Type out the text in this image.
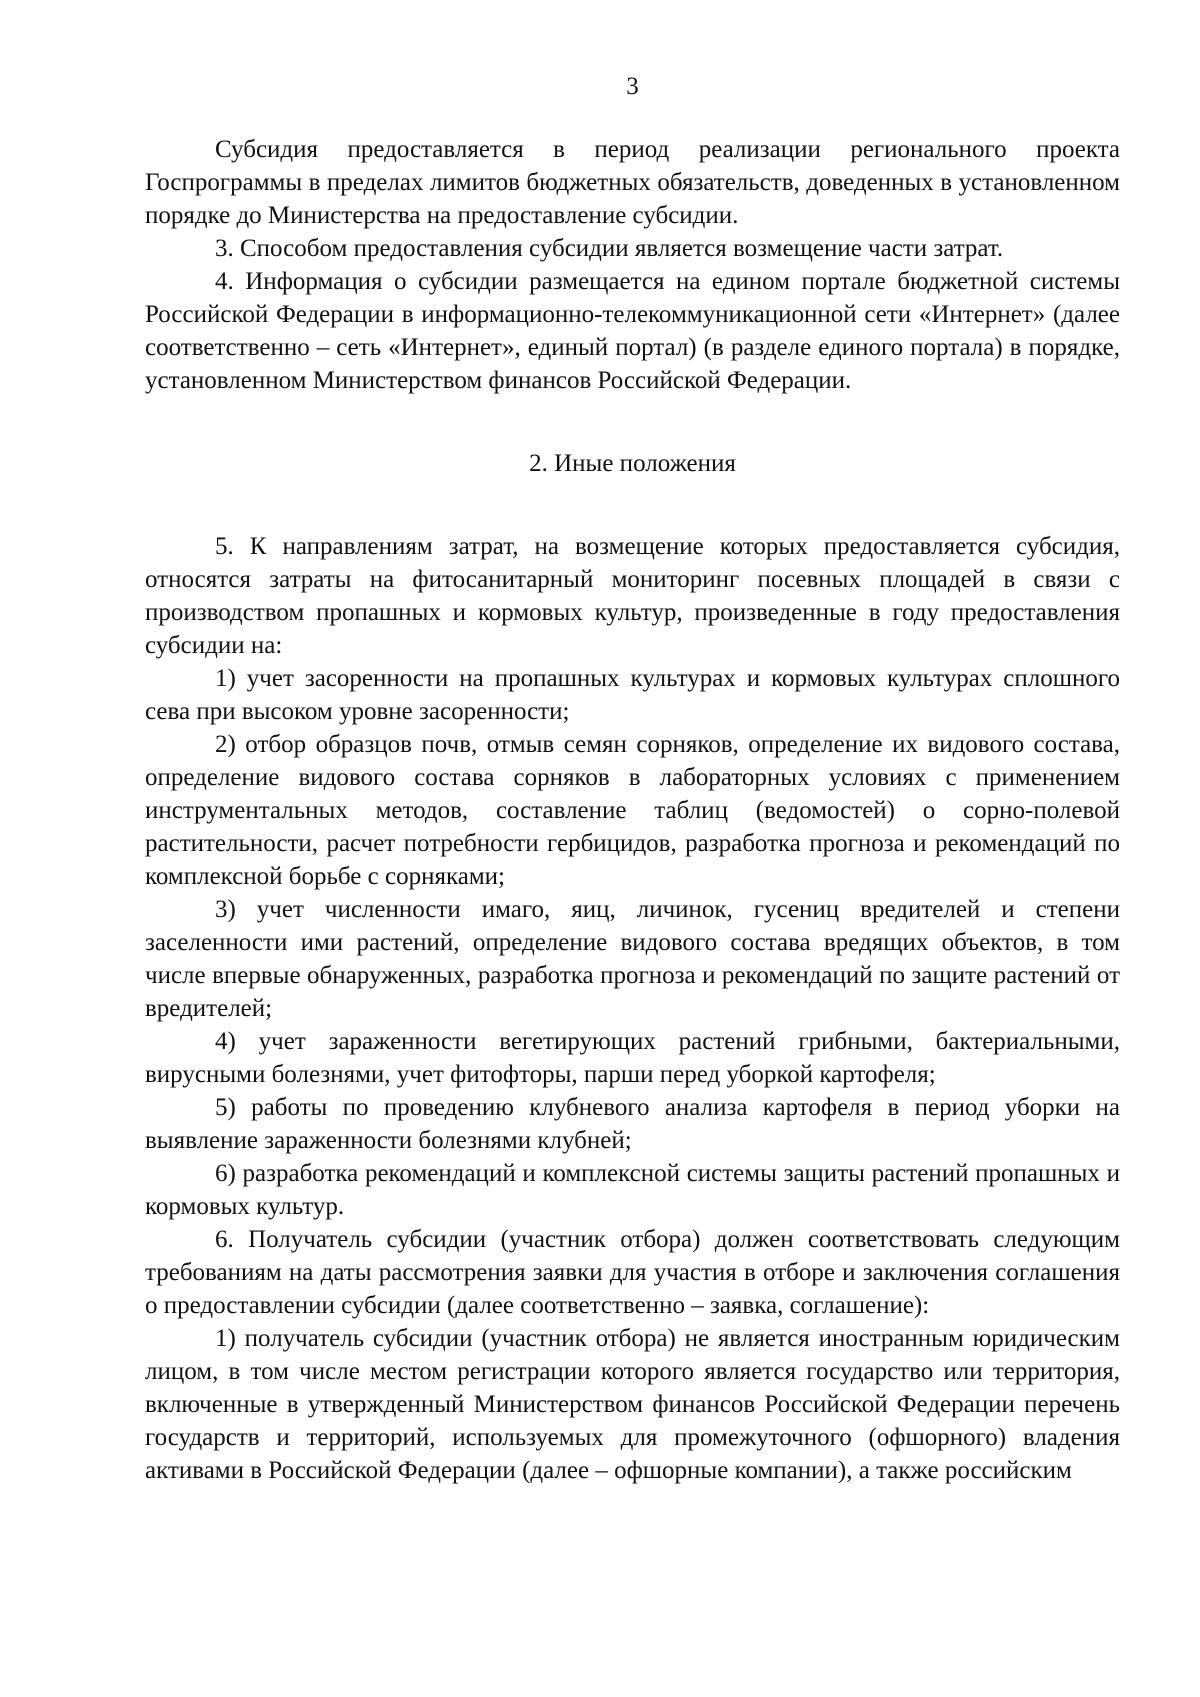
3

Субсидия предоставляется в период реализации регионального проекта Госпрограммы в пределах лимитов бюджетных обязательств, доведенных в установленном порядке до Министерства на предоставление субсидии.

3. Способом предоставления субсидии является возмещение части затрат.

4. Информация о субсидии размещается на едином портале бюджетной системы Российской Федерации в информационно-телекоммуникационной сети «Интернет» (далее соответственно – сеть «Интернет», единый портал) (в разделе единого портала) в порядке, установленном Министерством финансов Российской Федерации.

2. Иные положения

5. К направлениям затрат, на возмещение которых предоставляется субсидия, относятся затраты на фитосанитарный мониторинг посевных площадей в связи с производством пропашных и кормовых культур, произведенные в году предоставления субсидии на:

1) учет засоренности на пропашных культурах и кормовых культурах сплошного сева при высоком уровне засоренности;

2) отбор образцов почв, отмыв семян сорняков, определение их видового состава, определение видового состава сорняков в лабораторных условиях с применением инструментальных методов, составление таблиц (ведомостей) о сорно-полевой растительности, расчет потребности гербицидов, разработка прогноза и рекомендаций по комплексной борьбе с сорняками;

3) учет численности имаго, яиц, личинок, гусениц вредителей и степени заселенности ими растений, определение видового состава вредящих объектов, в том числе впервые обнаруженных, разработка прогноза и рекомендаций по защите растений от вредителей;

4) учет зараженности вегетирующих растений грибными, бактериальными, вирусными болезнями, учет фитофторы, парши перед уборкой картофеля;

5) работы по проведению клубневого анализа картофеля в период уборки на выявление зараженности болезнями клубней;

6) разработка рекомендаций и комплексной системы защиты растений пропашных и кормовых культур.

6. Получатель субсидии (участник отбора) должен соответствовать следующим требованиям на даты рассмотрения заявки для участия в отборе и заключения соглашения о предоставлении субсидии (далее соответственно – заявка, соглашение):

1) получатель субсидии (участник отбора) не является иностранным юридическим лицом, в том числе местом регистрации которого является государство или территория, включенные в утвержденный Министерством финансов Российской Федерации перечень государств и территорий, используемых для промежуточного (офшорного) владения активами в Российской Федерации (далее – офшорные компании), а также российским
